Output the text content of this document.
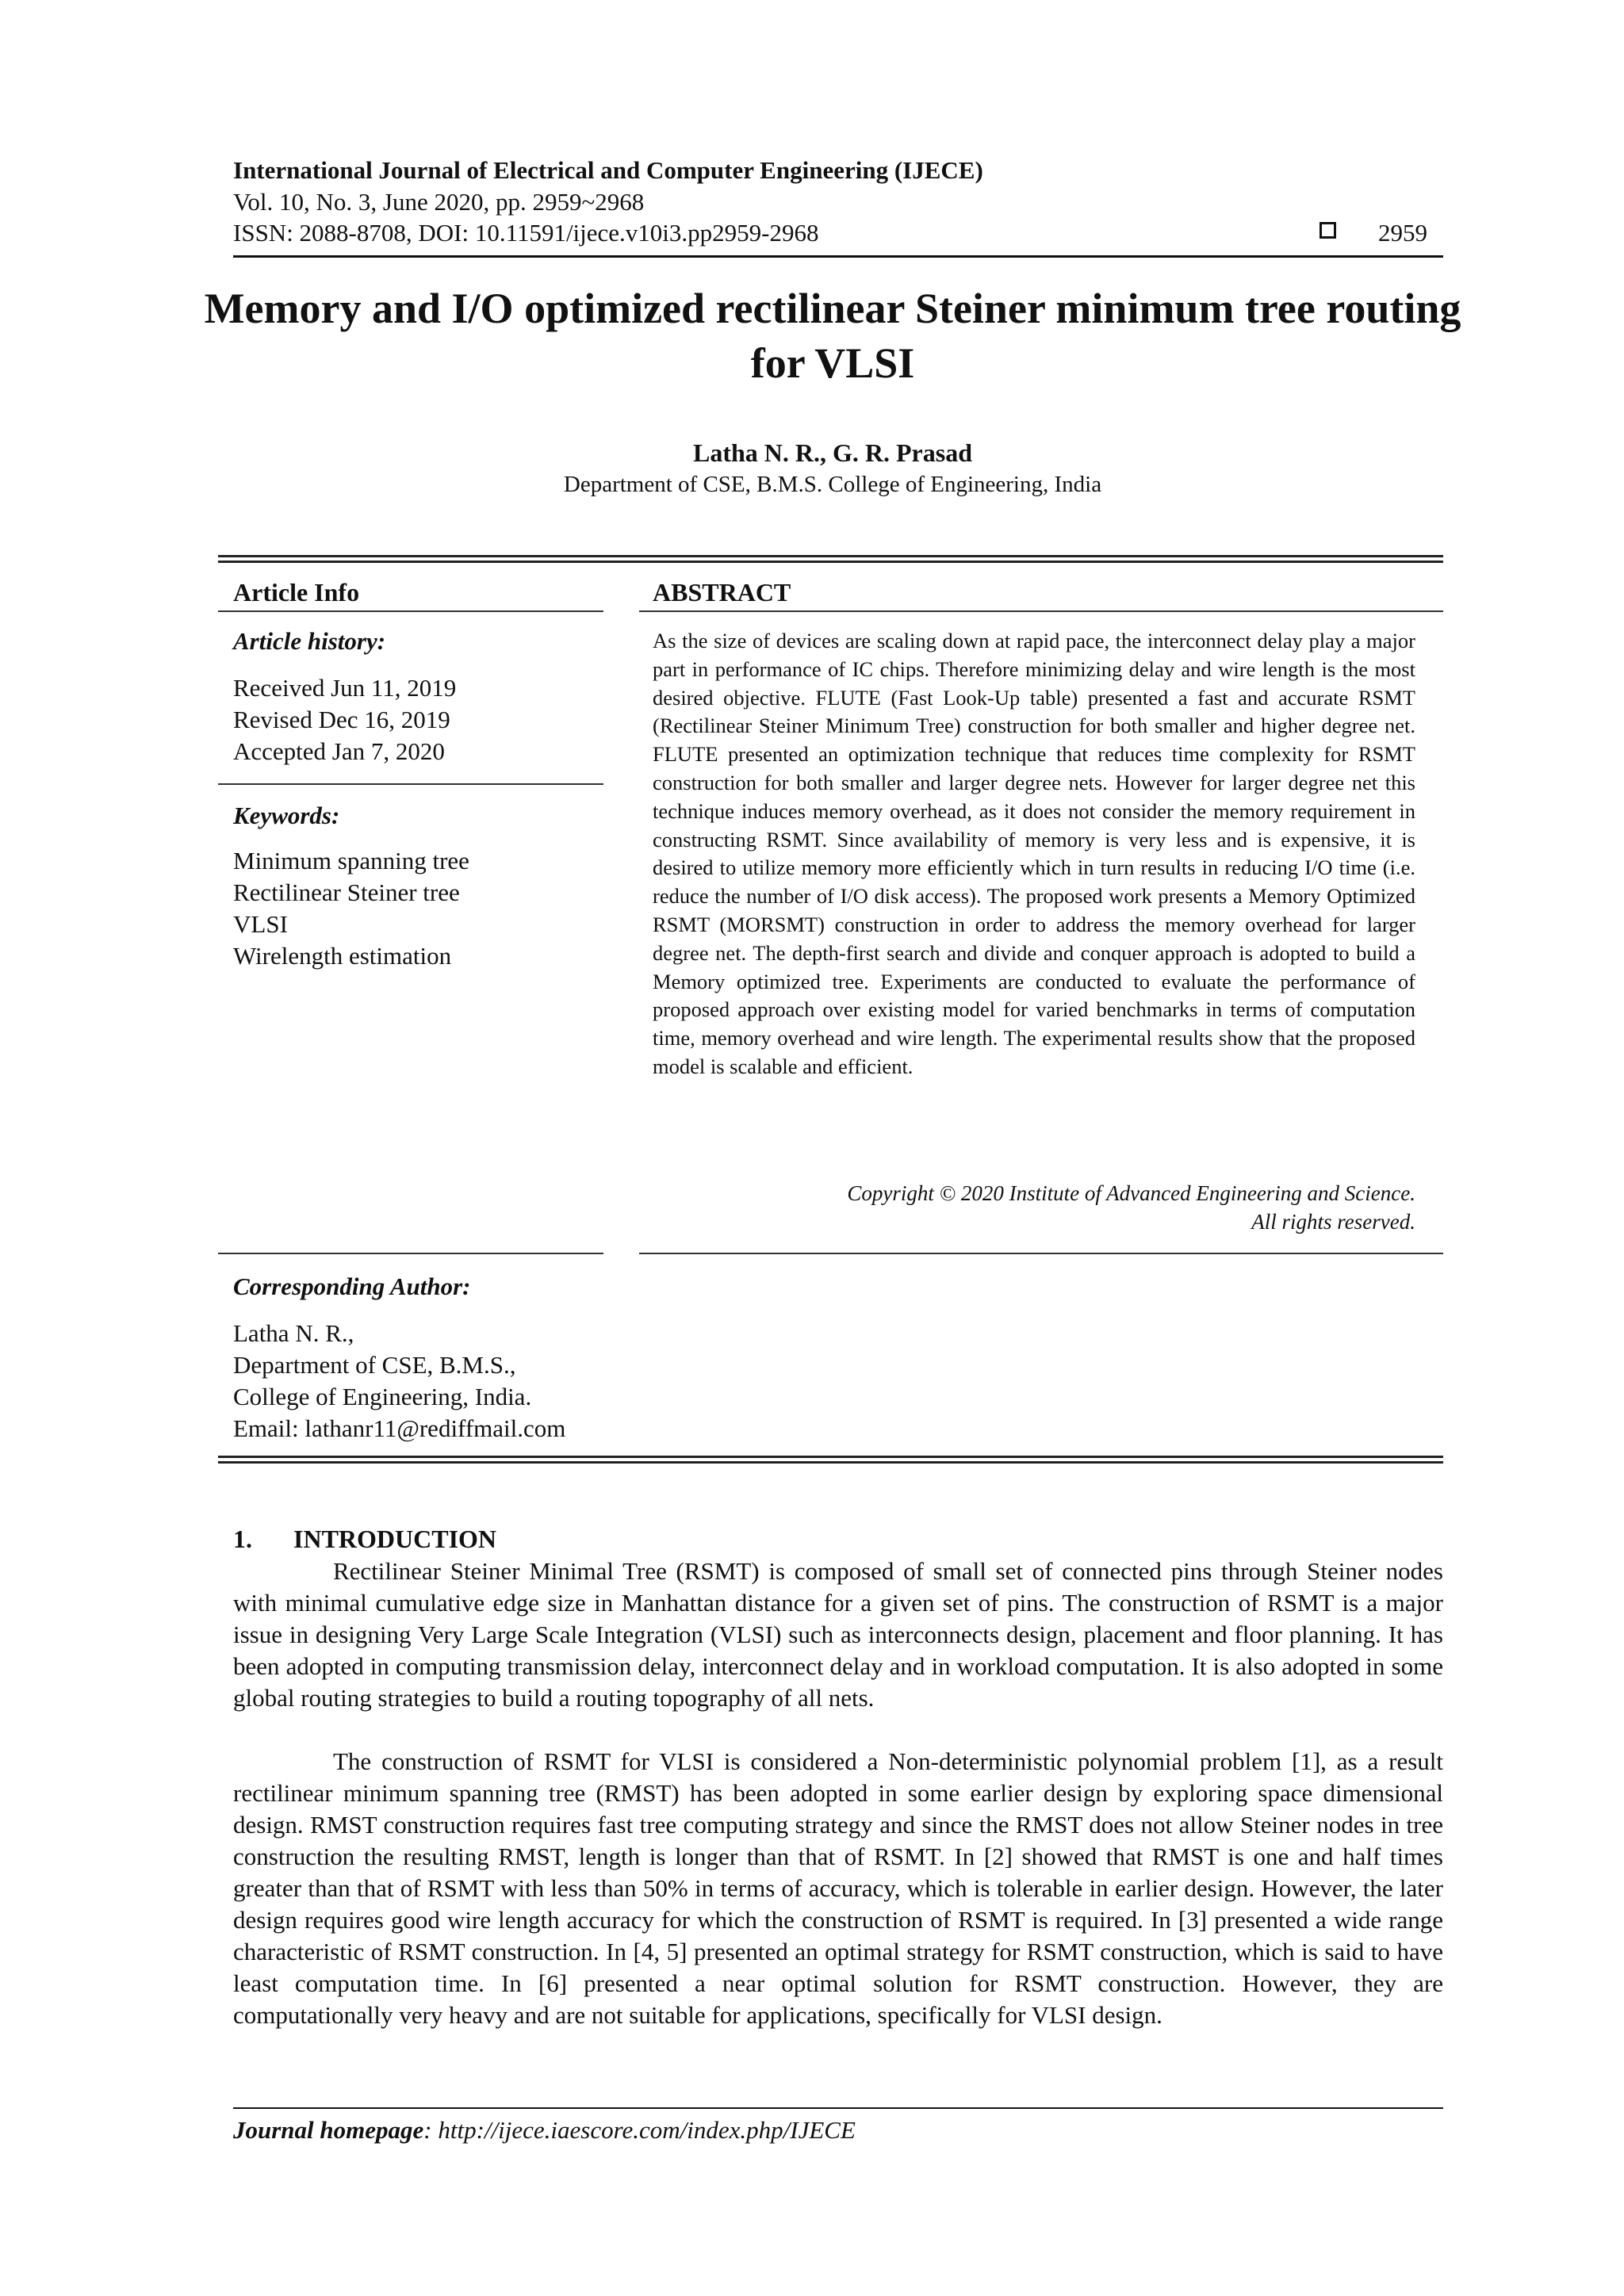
International Journal of Electrical and Computer Engineering (IJECE)
Vol. 10, No. 3, June 2020, pp. 2959~2968
ISSN: 2088-8708, DOI: 10.11591/ijece.v10i3.pp2959-2968	2959
Memory and I/O optimized rectilinear Steiner minimum tree routing for VLSI
Latha N. R., G. R. Prasad
Department of CSE, B.M.S. College of Engineering, India
Article Info	ABSTRACT
Article history:
Received Jun 11, 2019
Revised Dec 16, 2019
Accepted Jan 7, 2020
Keywords:
Minimum spanning tree
Rectilinear Steiner tree
VLSI
Wirelength estimation
As the size of devices are scaling down at rapid pace, the interconnect delay play a major part in performance of IC chips. Therefore minimizing delay and wire length is the most desired objective. FLUTE (Fast Look-Up table) presented a fast and accurate RSMT (Rectilinear Steiner Minimum Tree) construction for both smaller and higher degree net. FLUTE presented an optimization technique that reduces time complexity for RSMT construction for both smaller and larger degree nets. However for larger degree net this technique induces memory overhead, as it does not consider the memory requirement in constructing RSMT. Since availability of memory is very less and is expensive, it is desired to utilize memory more efficiently which in turn results in reducing I/O time (i.e. reduce the number of I/O disk access). The proposed work presents a Memory Optimized RSMT (MORSMT) construction in order to address the memory overhead for larger degree net. The depth-first search and divide and conquer approach is adopted to build a Memory optimized tree. Experiments are conducted to evaluate the performance of proposed approach over existing model for varied benchmarks in terms of computation time, memory overhead and wire length. The experimental results show that the proposed model is scalable and efficient.
Copyright © 2020 Institute of Advanced Engineering and Science.
All rights reserved.
Corresponding Author:
Latha N. R.,
Department of CSE, B.M.S.,
College of Engineering, India.
Email: lathanr11@rediffmail.com
1. INTRODUCTION
Rectilinear Steiner Minimal Tree (RSMT) is composed of small set of connected pins through Steiner nodes with minimal cumulative edge size in Manhattan distance for a given set of pins. The construction of RSMT is a major issue in designing Very Large Scale Integration (VLSI) such as interconnects design, placement and floor planning. It has been adopted in computing transmission delay, interconnect delay and in workload computation. It is also adopted in some global routing strategies to build a routing topography of all nets.
The construction of RSMT for VLSI is considered a Non-deterministic polynomial problem [1], as a result rectilinear minimum spanning tree (RMST) has been adopted in some earlier design by exploring space dimensional design. RMST construction requires fast tree computing strategy and since the RMST does not allow Steiner nodes in tree construction the resulting RMST, length is longer than that of RSMT. In [2] showed that RMST is one and half times greater than that of RSMT with less than 50% in terms of accuracy, which is tolerable in earlier design. However, the later design requires good wire length accuracy for which the construction of RSMT is required. In [3] presented a wide range characteristic of RSMT construction. In [4, 5] presented an optimal strategy for RSMT construction, which is said to have least computation time. In [6] presented a near optimal solution for RSMT construction. However, they are computationally very heavy and are not suitable for applications, specifically for VLSI design.
Journal homepage: http://ijece.iaescore.com/index.php/IJECE
